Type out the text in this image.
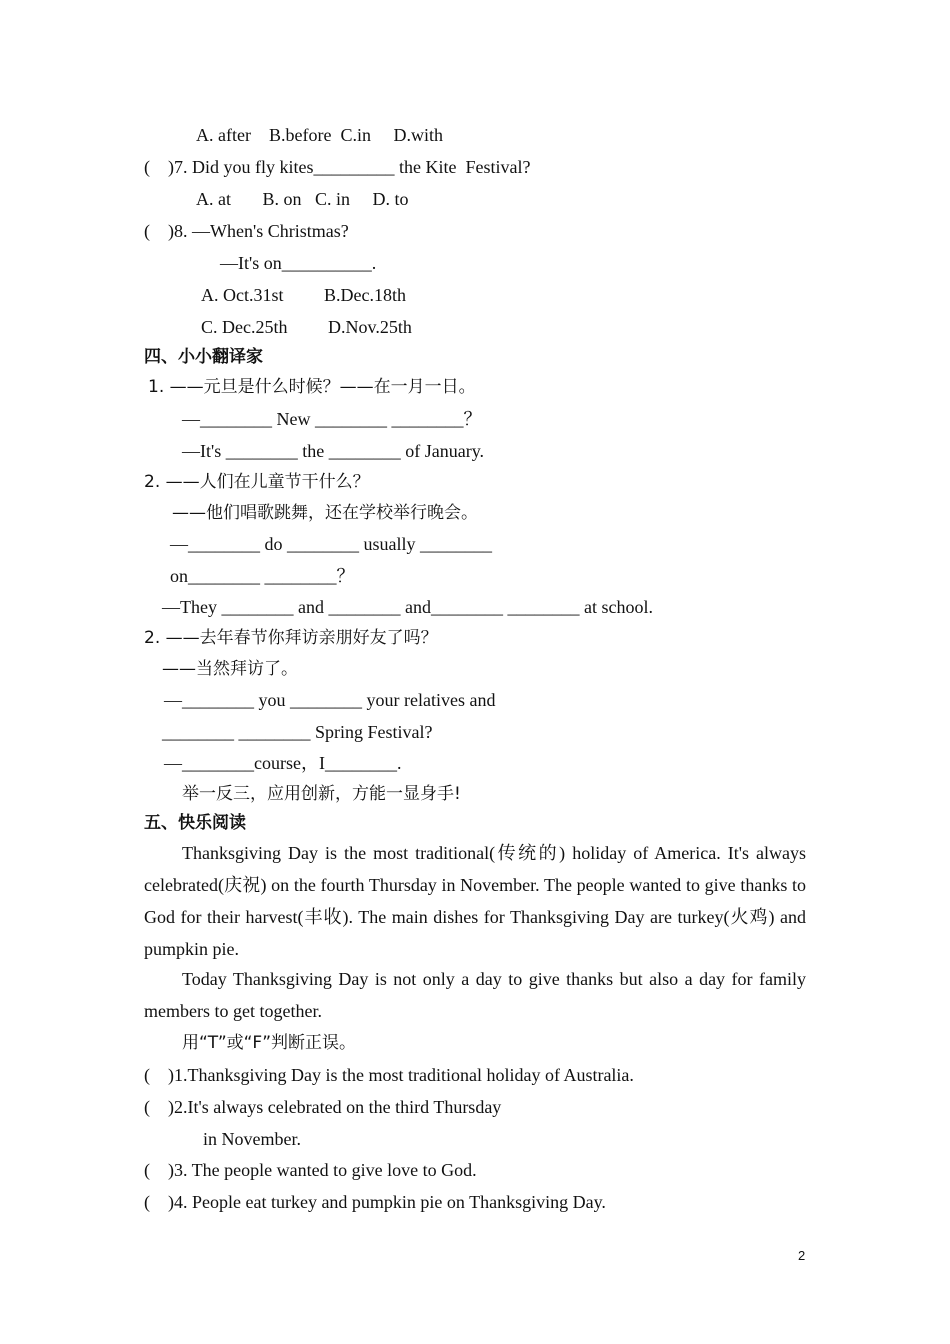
A. after    B.before  C.in     D.with
(    )7. Did you fly kites_________ the Kite  Festival?
A. at       B. on   C. in     D. to
(    )8. —When's Christmas?
—It's on__________.
A. Oct.31st         B.Dec.18th
C. Dec.25th         D.Nov.25th
四、小小翻译家
1. ——元旦是什么时候？——在一月一日。
—________ New ________ ________？
—It's ________ the ________ of January.
2. ——人们在儿童节干什么？
——他们唱歌跳舞，还在学校举行晚会。
—________ do ________ usually ________
on________ ________？
—They ________ and ________ and________ ________ at school.
2. ——去年春节你拜访亲朋好友了吗？
——当然拜访了。
—________ you ________ your relatives and
________ ________ Spring Festival?
—________course，I________.
举一反三，应用创新，方能一显身手!
五、快乐阅读
Thanksgiving Day is the most traditional(传统的) holiday of America. It's always celebrated(庆祝) on the fourth Thursday in November. The people wanted to give thanks to God for their harvest(丰收). The main dishes for Thanksgiving Day are turkey(火鸡) and pumpkin pie.
Today Thanksgiving Day is not only a day to give thanks but also a day for family members to get together.
用“T”或“F”判断正误。
(    )1.Thanksgiving Day is the most traditional holiday of Australia.
(    )2.It's always celebrated on the third Thursday
in November.
(    )3. The people wanted to give love to God.
(    )4. People eat turkey and pumpkin pie on Thanksgiving Day.
2
